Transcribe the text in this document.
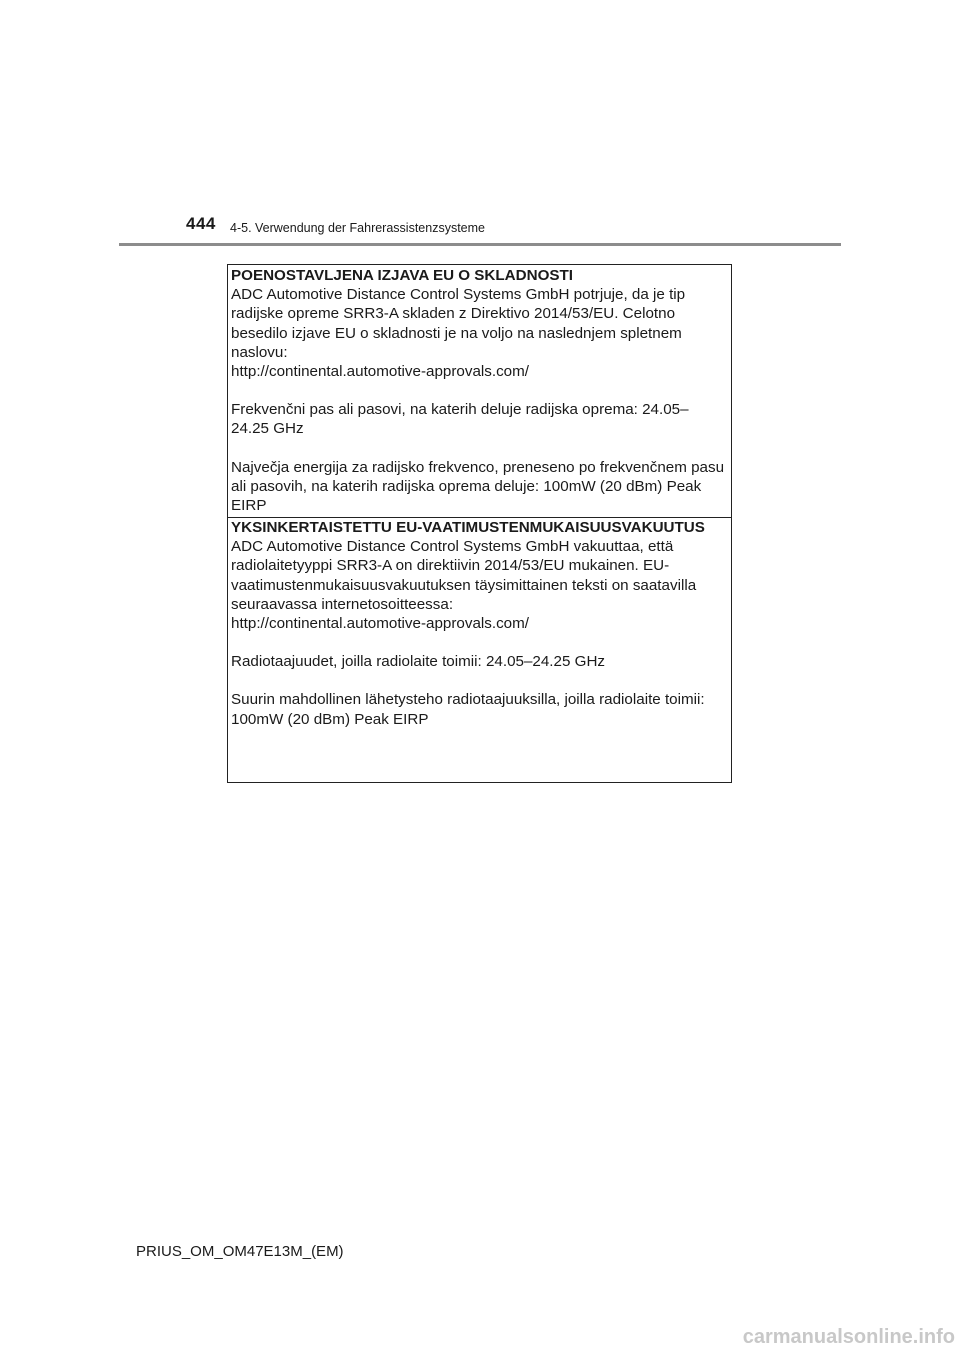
444 4-5. Verwendung der Fahrerassistenzsysteme
POENOSTAVLJENA IZJAVA EU O SKLADNOSTI
ADC Automotive Distance Control Systems GmbH potrjuje, da je tip
radijske opreme SRR3-A skladen z Direktivo 2014/53/EU. Celotno
besedilo izjave EU o skladnosti je na voljo na naslednjem spletnem
naslovu:
http://continental.automotive-approvals.com/
Frekvenčni pas ali pasovi, na katerih deluje radijska oprema: 24.05–
24.25 GHz
Največja energija za radijsko frekvenco, preneseno po frekvenčnem pasu
ali pasovih, na katerih radijska oprema deluje: 100mW (20 dBm) Peak
EIRP
YKSINKERTAISTETTU EU-VAATIMUSTENMUKAISUUSVAKUUTUS
ADC Automotive Distance Control Systems GmbH vakuuttaa, että
radiolaitetyyppi SRR3-A on direktiivin 2014/53/EU mukainen. EU-
vaatimustenmukaisuusvakuutuksen täysimittainen teksti on saatavilla
seuraavassa internetosoitteessa:
http://continental.automotive-approvals.com/
Radiotaajuudet, joilla radiolaite toimii: 24.05–24.25 GHz
Suurin mahdollinen lähetysteho radiotaajuuksilla, joilla radiolaite toimii:
100mW (20 dBm) Peak EIRP
PRIUS_OM_OM47E13M_(EM)
carmanualsonline.info
